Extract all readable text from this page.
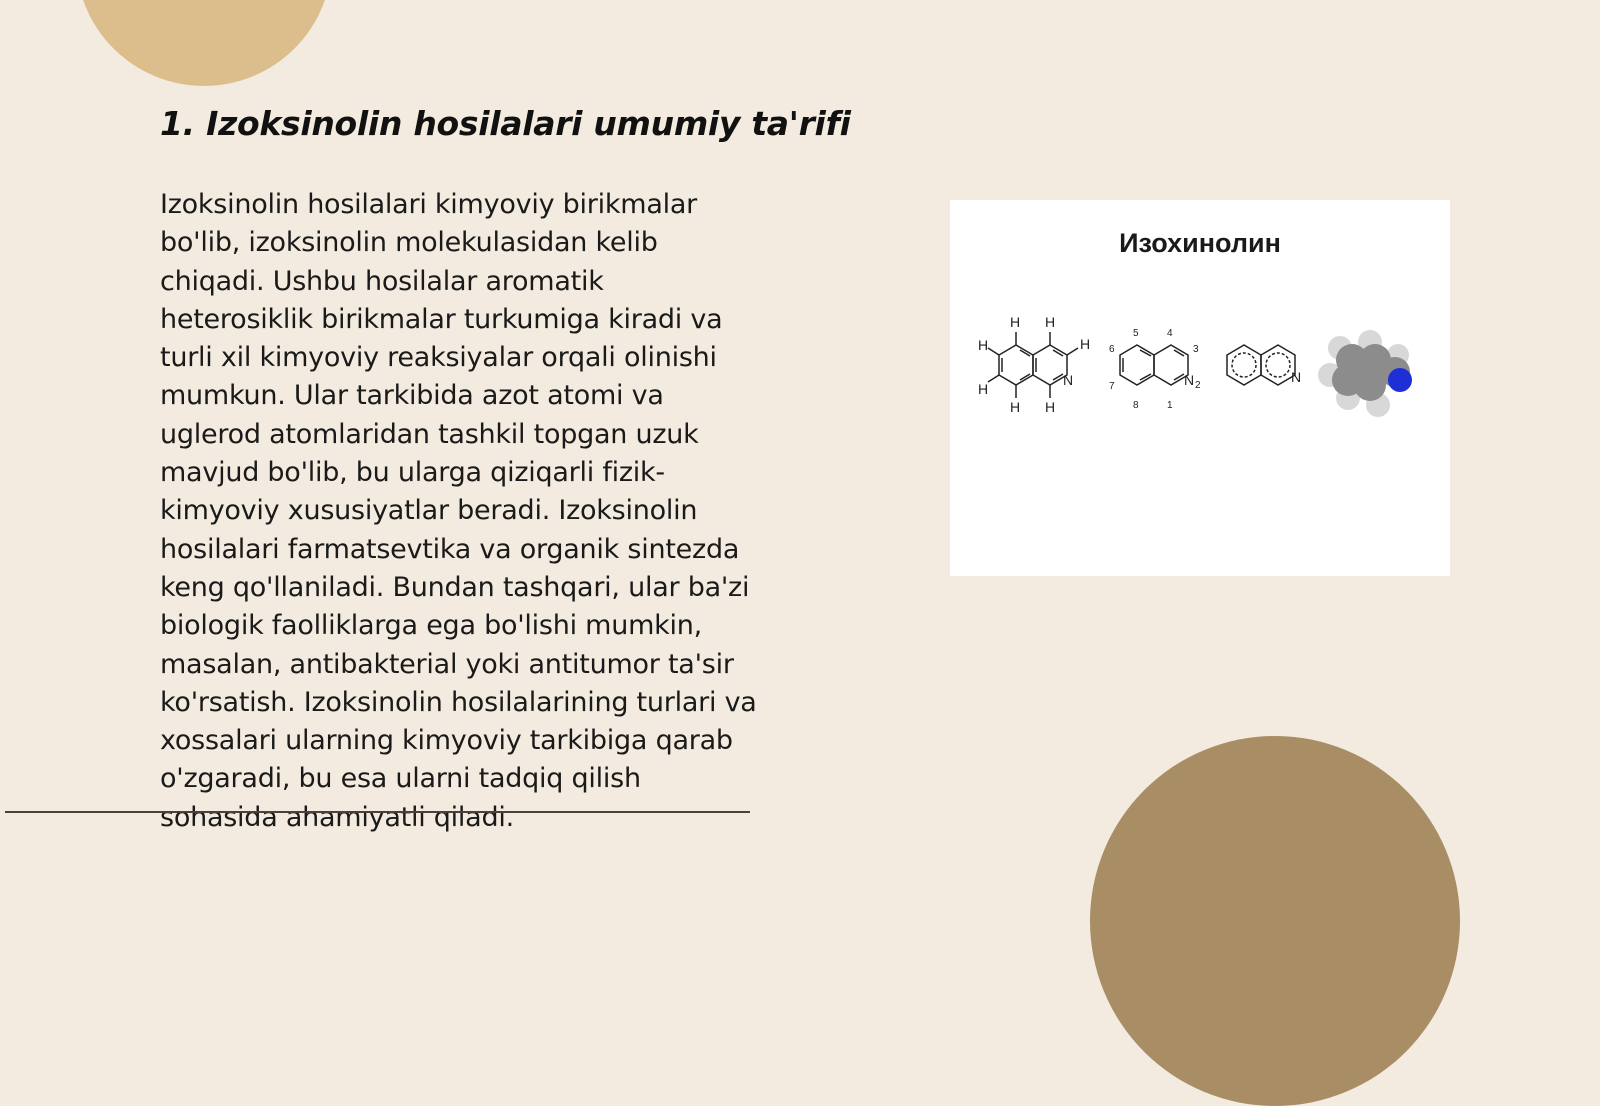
1. Izoksinolin hosilalari umumiy ta'rifi
Izoksinolin hosilalari kimyoviy birikmalar
bo'lib, izoksinolin molekulasidan kelib
chiqadi. Ushbu hosilalar aromatik
heterosiklik birikmalar turkumiga kiradi va
turli xil kimyoviy reaksiyalar orqali olinishi
mumkun. Ular tarkibida azot atomi va
uglerod atomlaridan tashkil topgan uzuk
mavjud bo'lib, bu ularga qiziqarli fizik-
kimyoviy xususiyatlar beradi. Izoksinolin
hosilalari farmatsevtika va organik sintezda
keng qo'llaniladi. Bundan tashqari, ular ba'zi
biologik faolliklarga ega bo'lishi mumkin,
masalan, antibakterial yoki antitumor ta'sir
ko'rsatish. Izoksinolin hosilalarining turlari va
xossalari ularning kimyoviy tarkibiga qarab
o'zgaradi, bu esa ularni tadqiq qilish
sohasida ahamiyatli qiladi.
Изохинолин
H H
H
H
H
H H
N	N	N
1
2
3
4
5
6
7
8
